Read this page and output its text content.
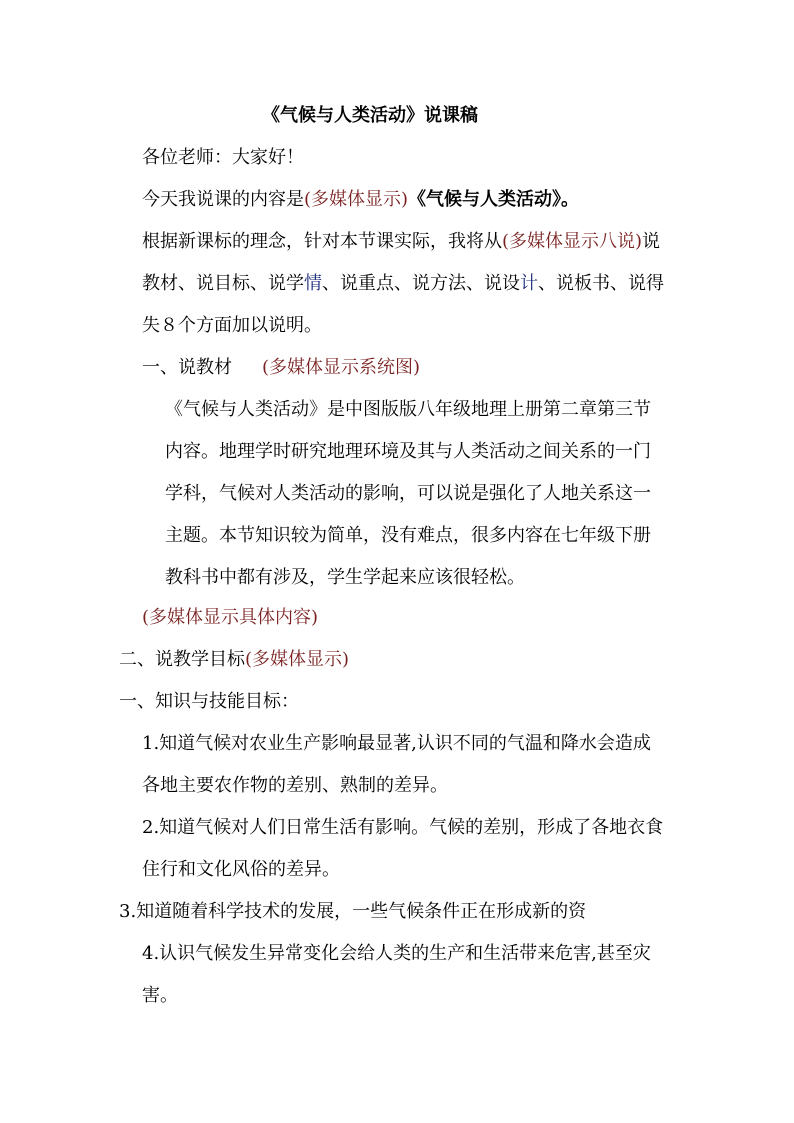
《气候与人类活动》说课稿
各位老师：大家好！
今天我说课的内容是(多媒体显示)《气候与人类活动》。
根据新课标的理念，针对本节课实际，我将从(多媒体显示八说)说
教材、说目标、说学情、说重点、说方法、说设计、说板书、说得
失８个方面加以说明。
一、说教材 (多媒体显示系统图)
《气候与人类活动》是中图版版八年级地理上册第二章第三节
内容。地理学时研究地理环境及其与人类活动之间关系的一门
学科，气候对人类活动的影响，可以说是强化了人地关系这一
主题。本节知识较为简单，没有难点，很多内容在七年级下册
教科书中都有涉及，学生学起来应该很轻松。
(多媒体显示具体内容)
二、说教学目标(多媒体显示)
一、知识与技能目标：
1.知道气候对农业生产影响最显著,认识不同的气温和降水会造成
各地主要农作物的差别、熟制的差异。
2.知道气候对人们日常生活有影响。气候的差别，形成了各地衣食
住行和文化风俗的差异。
3.知道随着科学技术的发展，一些气候条件正在形成新的资
4.认识气候发生异常变化会给人类的生产和生活带来危害,甚至灾
害。
